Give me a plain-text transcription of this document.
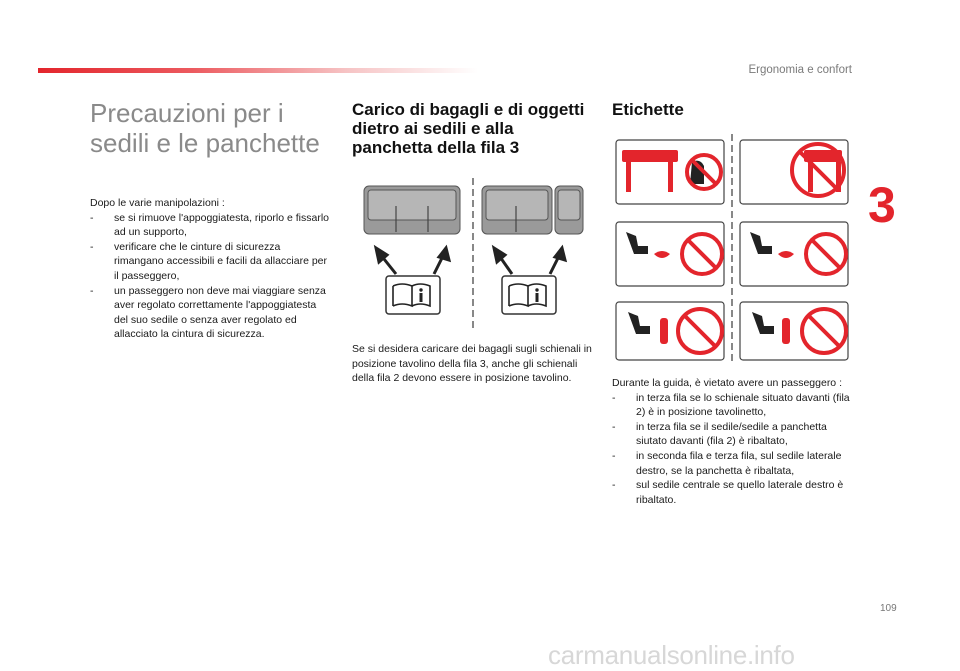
Ergonomia e confort
3
109
Precauzioni per i sedili e le panchette

Dopo le varie manipolazioni :

- se si rimuove l'appoggiatesta, riporlo e fissarlo ad un supporto,
- verificare che le cinture di sicurezza rimangano accessibili e facili da allacciare per il passeggero,
- un passeggero non deve mai viaggiare senza aver regolato correttamente l'appoggiatesta del suo sedile o senza aver regolato ed allacciato la cintura di sicurezza.
Carico di bagagli e di oggetti dietro ai sedili e alla panchetta della fila 3

Se si desidera caricare dei bagagli sugli schienali in posizione tavolino della fila 3, anche gli schienali della fila 2 devono essere in posizione tavolino.

Etichette

Durante la guida, è vietato avere un passeggero :

- in terza fila se lo schienale situato davanti (fila 2) è in posizione tavolinetto,
- in terza fila se il sedile/sedile a panchetta siutato davanti (fila 2) è ribaltato,
- in seconda fila e terza fila, sul sedile laterale destro, se la panchetta è ribaltata,
- sul sedile centrale se quello laterale destro è ribaltato.
carmanualsonline.info
